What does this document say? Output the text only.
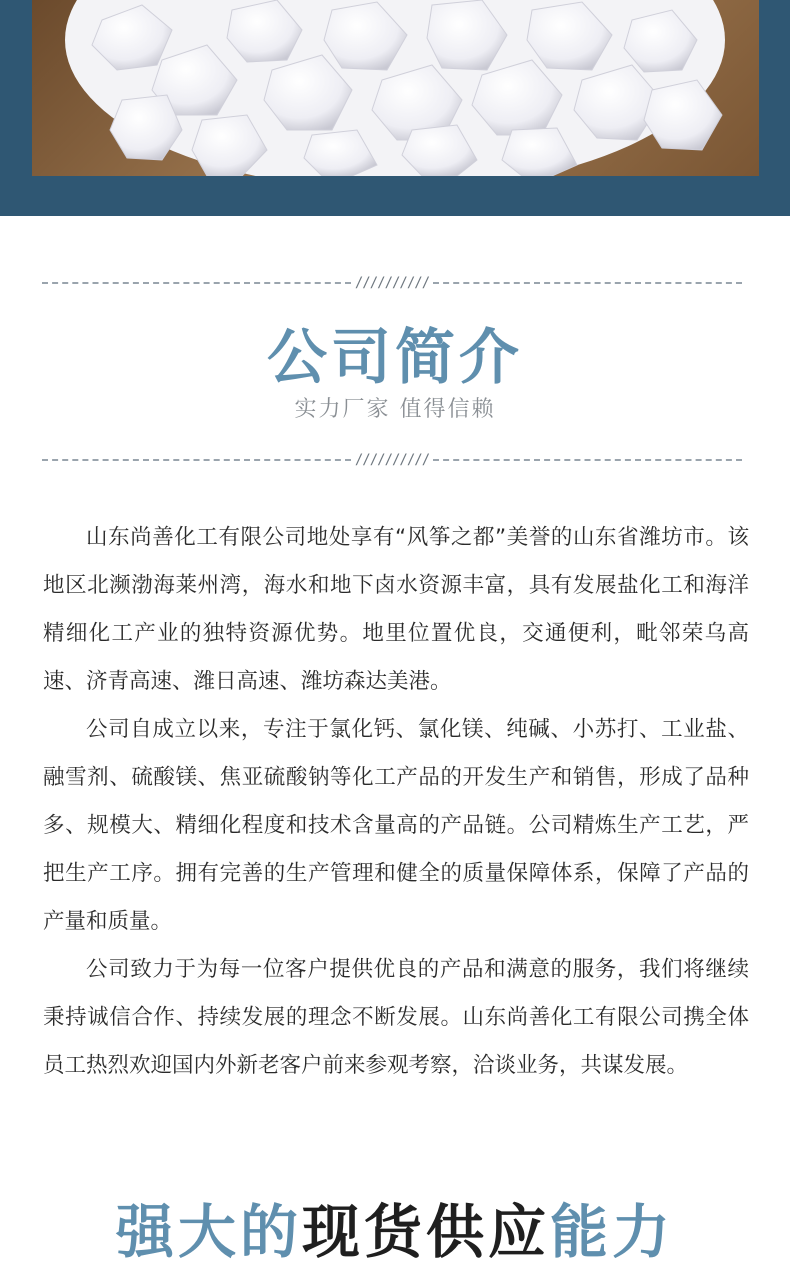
//////////
公司简介
实力厂家 值得信赖
//////////

山东尚善化工有限公司地处享有“风筝之都”美誉的山东省潍坊市。该地区北濒渤海莱州湾，海水和地下卤水资源丰富，具有发展盐化工和海洋精细化工产业的独特资源优势。地里位置优良，交通便利，毗邻荣乌高速、济青高速、潍日高速、潍坊森达美港。

公司自成立以来，专注于氯化钙、氯化镁、纯碱、小苏打、工业盐、融雪剂、硫酸镁、焦亚硫酸钠等化工产品的开发生产和销售，形成了品种多、规模大、精细化程度和技术含量高的产品链。公司精炼生产工艺，严把生产工序。拥有完善的生产管理和健全的质量保障体系，保障了产品的产量和质量。

公司致力于为每一位客户提供优良的产品和满意的服务，我们将继续秉持诚信合作、持续发展的理念不断发展。山东尚善化工有限公司携全体员工热烈欢迎国内外新老客户前来参观考察，洽谈业务，共谋发展。

强大的现货供应能力
